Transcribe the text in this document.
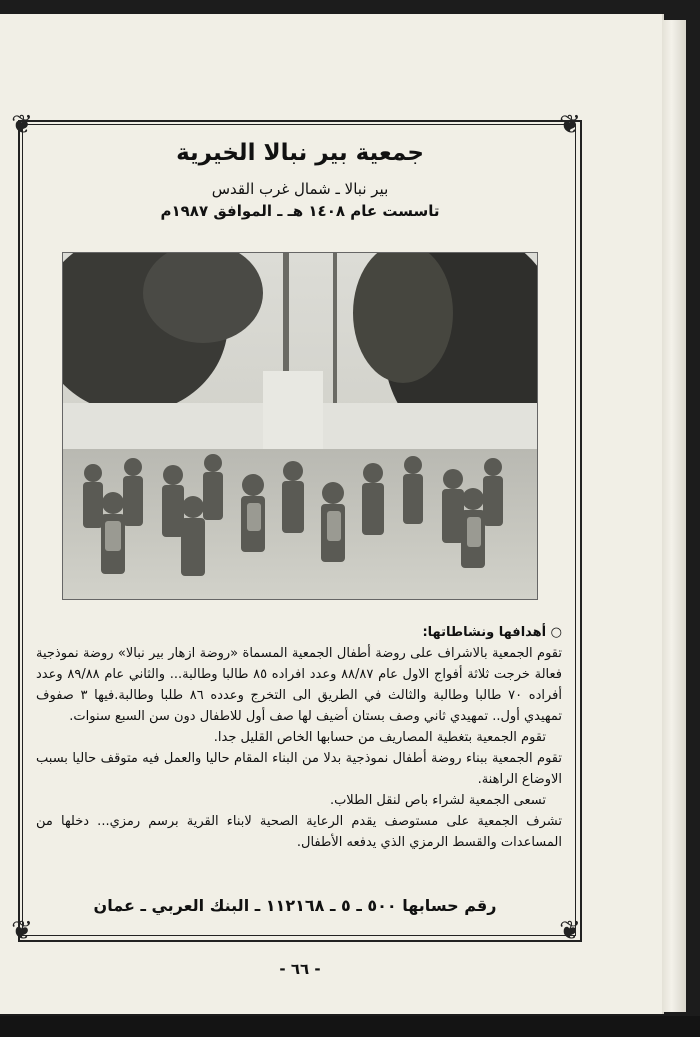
❦	❦
❦	❦
جمعية بير نبالا الخيرية
بير نبالا ـ شمال غرب القدس
تاسست عام ١٤٠٨ هـ ـ الموافق ١٩٨٧م

○ أهدافها ونشاطاتها:

تقوم الجمعية بالاشراف على روضة أطفال الجمعية المسماة «روضة ازهار بير نبالا» روضة نموذجية فعالة خرجت ثلاثة أفواج الاول عام ٨٨/٨٧ وعدد افراده ٨٥ طالبا وطالبة... والثاني عام ٨٩/٨٨ وعدد أفراده ٧٠ طالبا وطالبة والثالث في الطريق الى التخرج وعدده ٨٦ طلبا وطالبة.فيها ٣ صفوف تمهيدي أول.. تمهيدي ثاني وصف بستان أضيف لها صف أول للاطفال دون سن السبع سنوات.

تقوم الجمعية بتغطية المصاريف من حسابها الخاص القليل جدا.

تقوم الجمعية ببناء روضة أطفال نموذجية بدلا من البناء المقام حاليا والعمل فيه متوقف حاليا بسبب الاوضاع الراهنة.

تسعى الجمعية لشراء باص لنقل الطلاب.

تشرف الجمعية على مستوصف يقدم الرعاية الصحية لابناء القرية برسم رمزي... دخلها من المساعدات والقسط الرمزي الذي يدفعه الأطفال.

رقم حسابها ٥٠٠ ـ ٥ ـ ١١٢١٦٨ ـ البنك العربي ـ عمان
- ٦٦ -
